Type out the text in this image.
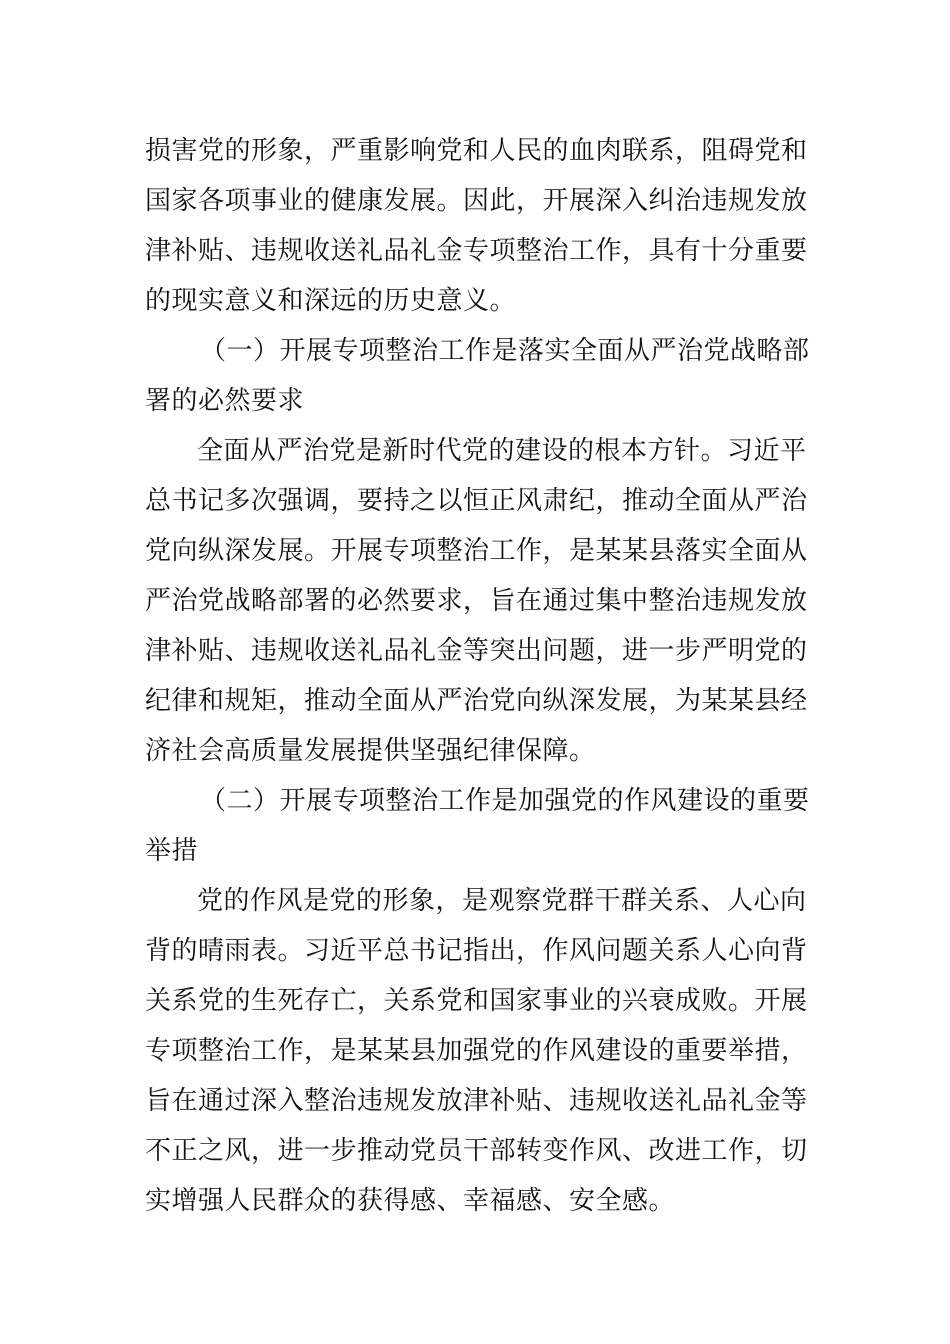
损害党的形象，严重影响党和人民的血肉联系，阻碍党和
国家各项事业的健康发展。因此，开展深入纠治违规发放
津补贴、违规收送礼品礼金专项整治工作，具有十分重要
的现实意义和深远的历史意义。
（一）开展专项整治工作是落实全面从严治党战略部
署的必然要求
全面从严治党是新时代党的建设的根本方针。习近平
总书记多次强调，要持之以恒正风肃纪，推动全面从严治
党向纵深发展。开展专项整治工作，是某某县落实全面从
严治党战略部署的必然要求，旨在通过集中整治违规发放
津补贴、违规收送礼品礼金等突出问题，进一步严明党的
纪律和规矩，推动全面从严治党向纵深发展，为某某县经
济社会高质量发展提供坚强纪律保障。
（二）开展专项整治工作是加强党的作风建设的重要
举措
党的作风是党的形象，是观察党群干群关系、人心向
背的晴雨表。习近平总书记指出，作风问题关系人心向背
关系党的生死存亡，关系党和国家事业的兴衰成败。开展
专项整治工作，是某某县加强党的作风建设的重要举措，
旨在通过深入整治违规发放津补贴、违规收送礼品礼金等
不正之风，进一步推动党员干部转变作风、改进工作，切
实增强人民群众的获得感、幸福感、安全感。
